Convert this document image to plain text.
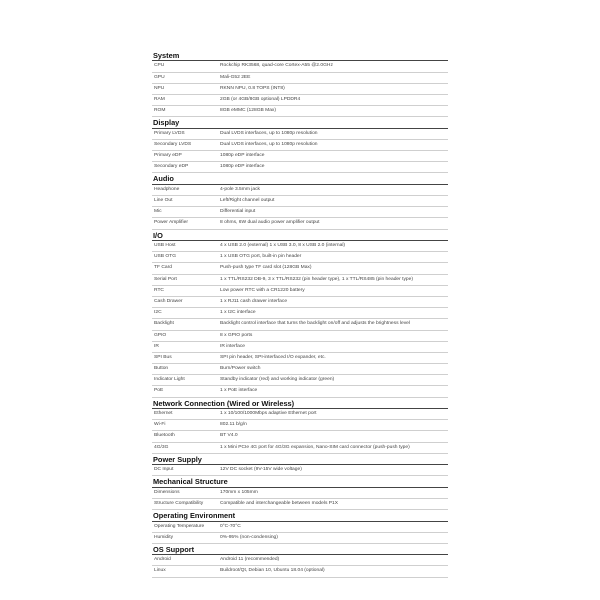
System
CPU	Rockchip RK3568, quad-core Cortex-A55 @2.0GHz
GPU	Mali-G52 2EE
NPU	RKNN NPU, 0.8 TOPS (INT8)
RAM	2GB (or 4GB/8GB optional) LPDDR4
ROM	8GB eMMC (128GB Max)
Display
Primary LVDS	Dual LVDS interfaces, up to 1080p resolution
Secondary LVDS	Dual LVDS interfaces, up to 1080p resolution
Primary eDP	1080p eDP interface
Secondary eDP	1080p eDP interface
Audio
Headphone	4-pole 3.5mm jack
Line Out	Left/Right channel output
Mic	Differential input
Power Amplifier	8 ohms, 6W dual audio power amplifier output
I/O
USB Host	4 x USB 2.0 (external) 1 x USB 3.0, 8 x USB 2.0 (internal)
USB OTG	1 x USB OTG port, built-in pin header
TF Card	Push-push type TF card slot (128GB Max)
Serial Port	1 x TTL/RS232 DB-9, 3 x TTL/RS232 (pin header type), 1 x TTL/RS485 (pin header type)
RTC	Low power RTC with a CR1220 battery
Cash Drawer	1 x RJ11 cash drawer interface
I2C	1 x I2C interface
Backlight	Backlight control interface that turns the backlight on/off and adjusts the brightness level
GPIO	8 x GPIO ports
IR	IR interface
SPI Bus	SPI pin header, SPI-interfaced I/O expander, etc.
Button	Burn/Power switch
Indicator Light	Standby indicator (red) and working indicator (green)
PoE	1 x PoE interface
Network Connection (Wired or Wireless)
Ethernet	1 x 10/100/1000Mbps adaptive Ethernet port
Wi-Fi	802.11 b/g/n
Bluetooth	BT V4.0
4G/3G	1 x Mini PCIe 4G port for 4G/3G expansion, Nano-SIM card connector (push-push type)
Power Supply
DC Input	12V DC socket (9V-15V wide voltage)
Mechanical Structure
Dimensions	170mm x 105mm
Structure Compatibility	Compatible and interchangeable between models P1X
Operating Environment
Operating Temperature	0°C-70°C
Humidity	0%-95% (non-condensing)
OS Support
Android	Android 11 (recommended)
Linux	Buildroot/Qt, Debian 10, Ubuntu 18.04 (optional)
